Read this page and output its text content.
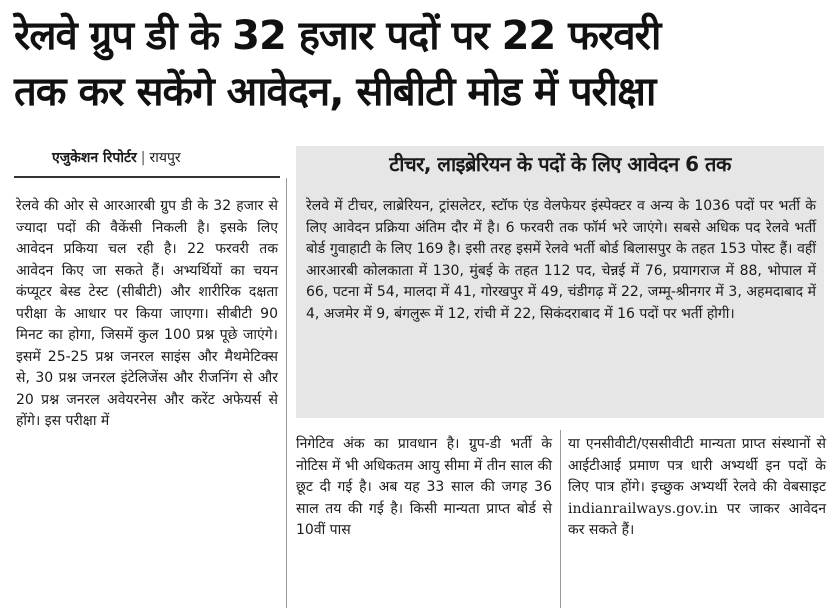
रेलवे ग्रुप डी के 32 हजार पदों पर 22 फरवरी
तक कर सकेंगे आवेदन, सीबीटी मोड में परीक्षा
एजुकेशन रिपोर्टर | रायपुर
रेलवे की ओर से आरआरबी ग्रुप डी के 32 हजार से ज्यादा पदों की वैकेंसी निकली है। इसके लिए आवेदन प्रकिया चल रही है। 22 फरवरी तक आवेदन किए जा सकते हैं। अभ्यर्थियों का चयन कंप्यूटर बेस्ड टेस्ट (सीबीटी) और शारीरिक दक्षता परीक्षा के आधार पर किया जाएगा। सीबीटी 90 मिनट का होगा, जिसमें कुल 100 प्रश्न पूछे जाएंगे। इसमें 25-25 प्रश्न जनरल साइंस और मैथमेटिक्स से, 30 प्रश्न जनरल इंटेलिजेंस और रीजनिंग से और 20 प्रश्न जनरल अवेयरनेस और करेंट अफेयर्स से होंगे। इस परीक्षा में
टीचर, लाइब्रेरियन के पदों के लिए आवेदन 6 तक
रेलवे में टीचर, लाब्रेरियन, ट्रांसलेटर, स्टॉफ एंड वेलफेयर इंस्पेक्टर व अन्य के 1036 पदों पर भर्ती के लिए आवेदन प्रक्रिया अंतिम दौर में है। 6 फरवरी तक फॉर्म भरे जाएंगे। सबसे अधिक पद रेलवे भर्ती बोर्ड गुवाहाटी के लिए 169 है। इसी तरह इसमें रेलवे भर्ती बोर्ड बिलासपुर के तहत 153 पोस्ट हैं। वहीं आरआरबी कोलकाता में 130, मुंबई के तहत 112 पद, चेन्नई में 76, प्रयागराज में 88, भोपाल में 66, पटना में 54, मालदा में 41, गोरखपुर में 49, चंडीगढ़ में 22, जम्मू-श्रीनगर में 3, अहमदाबाद में 4, अजमेर में 9, बंगलुरू में 12, रांची में 22, सिकंदराबाद में 16 पदों पर भर्ती होगी।
निगेटिव अंक का प्रावधान है। ग्रुप-डी भर्ती के नोटिस में भी अधिकतम आयु सीमा में तीन साल की छूट दी गई है। अब यह 33 साल की जगह 36 साल तय की गई है। किसी मान्यता प्राप्त बोर्ड से 10वीं पास
या एनसीवीटी/एससीवीटी मान्यता प्राप्त संस्थानों से आईटीआई प्रमाण पत्र धारी अभ्यर्थी इन पदों के लिए पात्र होंगे। इच्छुक अभ्यर्थी रेलवे की वेबसाइट indianrailways.gov.in पर जाकर आवेदन कर सकते हैं।
